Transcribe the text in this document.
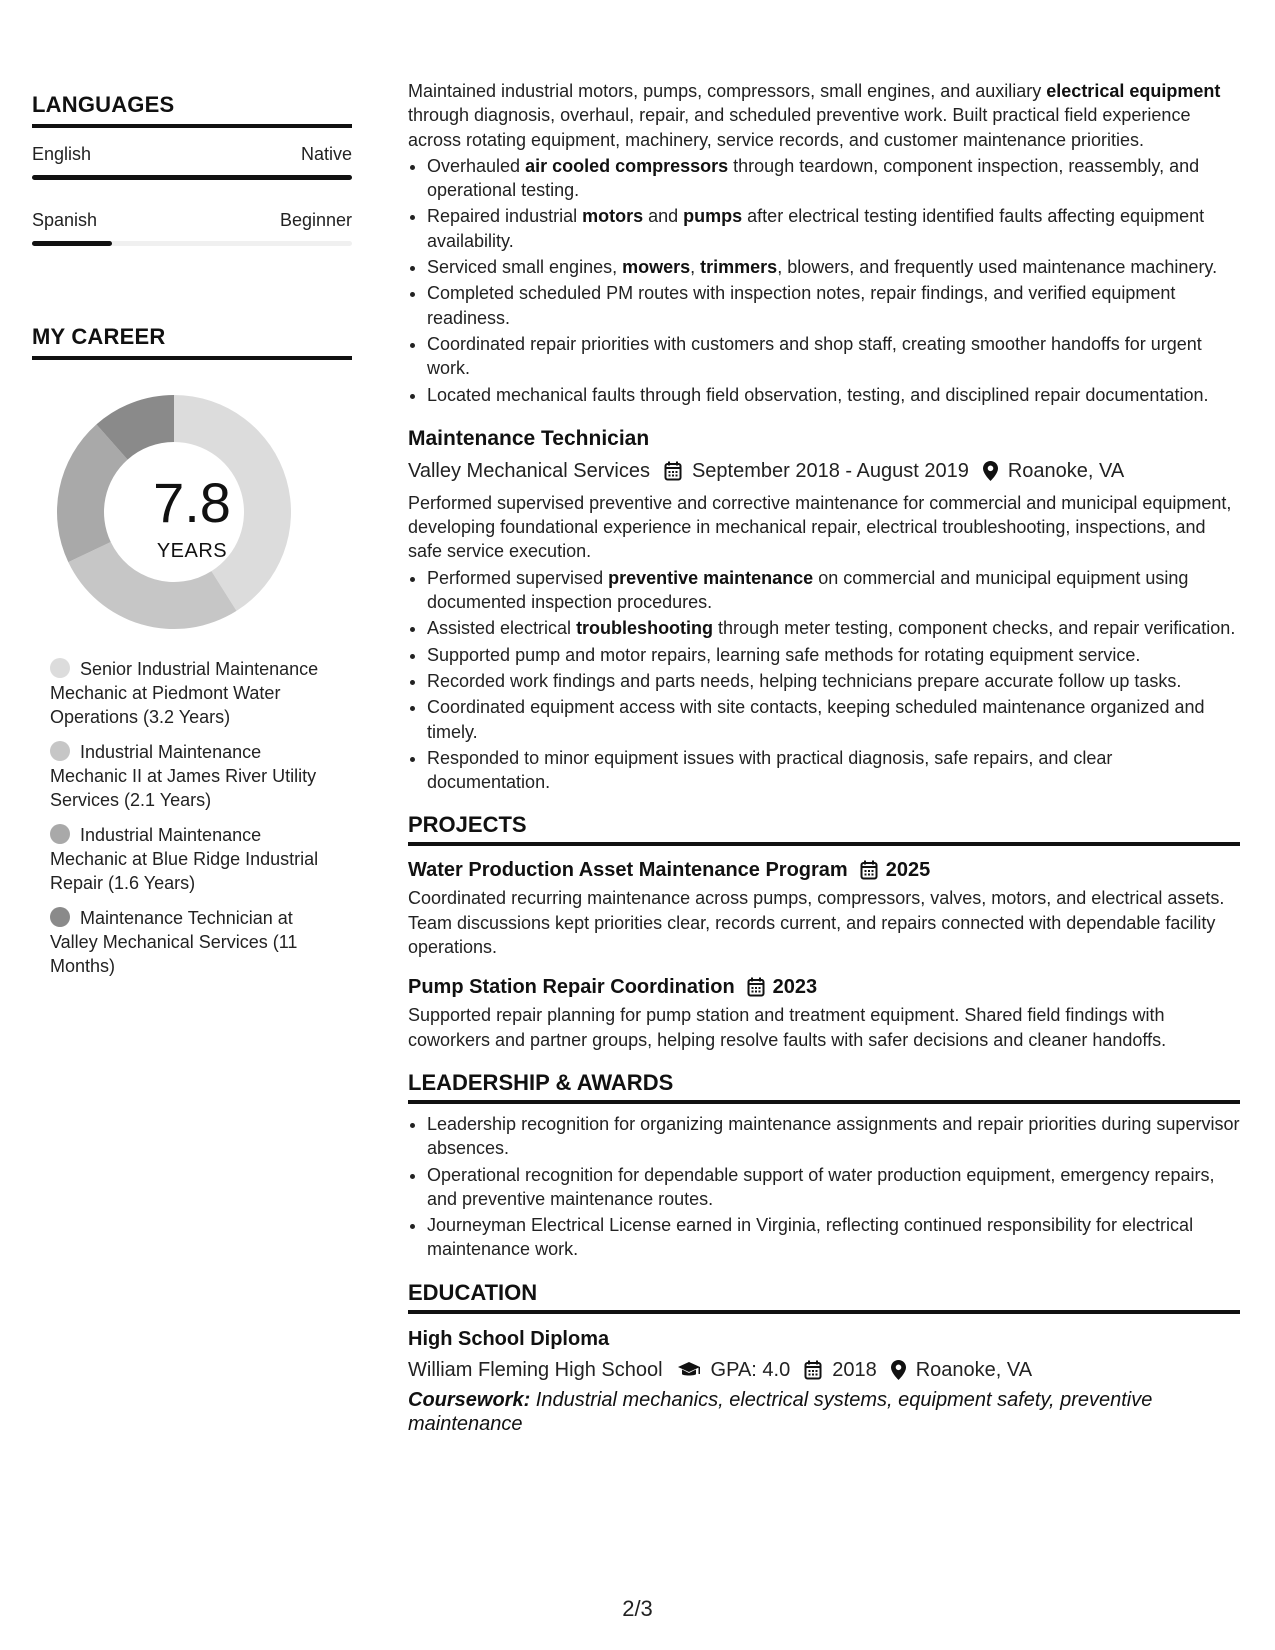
LANGUAGES
English	Native
Spanish	Beginner
MY CAREER
7.8
YEARS
Senior Industrial Maintenance Mechanic at Piedmont Water Operations (3.2 Years)
Industrial Maintenance Mechanic II at James River Utility Services (2.1 Years)
Industrial Maintenance Mechanic at Blue Ridge Industrial Repair (1.6 Years)
Maintenance Technician at Valley Mechanical Services (11 Months)

Maintained industrial motors, pumps, compressors, small engines, and auxiliary electrical equipment through diagnosis, overhaul, repair, and scheduled preventive work. Built practical field experience across rotating equipment, machinery, service records, and customer maintenance priorities.

• Overhauled air cooled compressors through teardown, component inspection, reassembly, and operational testing.
• Repaired industrial motors and pumps after electrical testing identified faults affecting equipment availability.
• Serviced small engines, mowers, trimmers, blowers, and frequently used maintenance machinery.
• Completed scheduled PM routes with inspection notes, repair findings, and verified equipment readiness.
• Coordinated repair priorities with customers and shop staff, creating smoother handoffs for urgent work.
• Located mechanical faults through field observation, testing, and disciplined repair documentation.
Maintenance Technician
Valley Mechanical Services September 2018 - August 2019 Roanoke, VA

Performed supervised preventive and corrective maintenance for commercial and municipal equipment, developing foundational experience in mechanical repair, electrical troubleshooting, inspections, and safe service execution.

• Performed supervised preventive maintenance on commercial and municipal equipment using documented inspection procedures.
• Assisted electrical troubleshooting through meter testing, component checks, and repair verification.
• Supported pump and motor repairs, learning safe methods for rotating equipment service.
• Recorded work findings and parts needs, helping technicians prepare accurate follow up tasks.
• Coordinated equipment access with site contacts, keeping scheduled maintenance organized and timely.
• Responded to minor equipment issues with practical diagnosis, safe repairs, and clear documentation.
PROJECTS
Water Production Asset Maintenance Program 2025
Coordinated recurring maintenance across pumps, compressors, valves, motors, and electrical assets. Team discussions kept priorities clear, records current, and repairs connected with dependable facility operations.
Pump Station Repair Coordination 2023
Supported repair planning for pump station and treatment equipment. Shared field findings with coworkers and partner groups, helping resolve faults with safer decisions and cleaner handoffs.
LEADERSHIP & AWARDS
• Leadership recognition for organizing maintenance assignments and repair priorities during supervisor absences.
• Operational recognition for dependable support of water production equipment, emergency repairs, and preventive maintenance routes.
• Journeyman Electrical License earned in Virginia, reflecting continued responsibility for electrical maintenance work.
EDUCATION
High School Diploma
William Fleming High School GPA: 4.0 2018 Roanoke, VA
Coursework: Industrial mechanics, electrical systems, equipment safety, preventive maintenance
2/3
